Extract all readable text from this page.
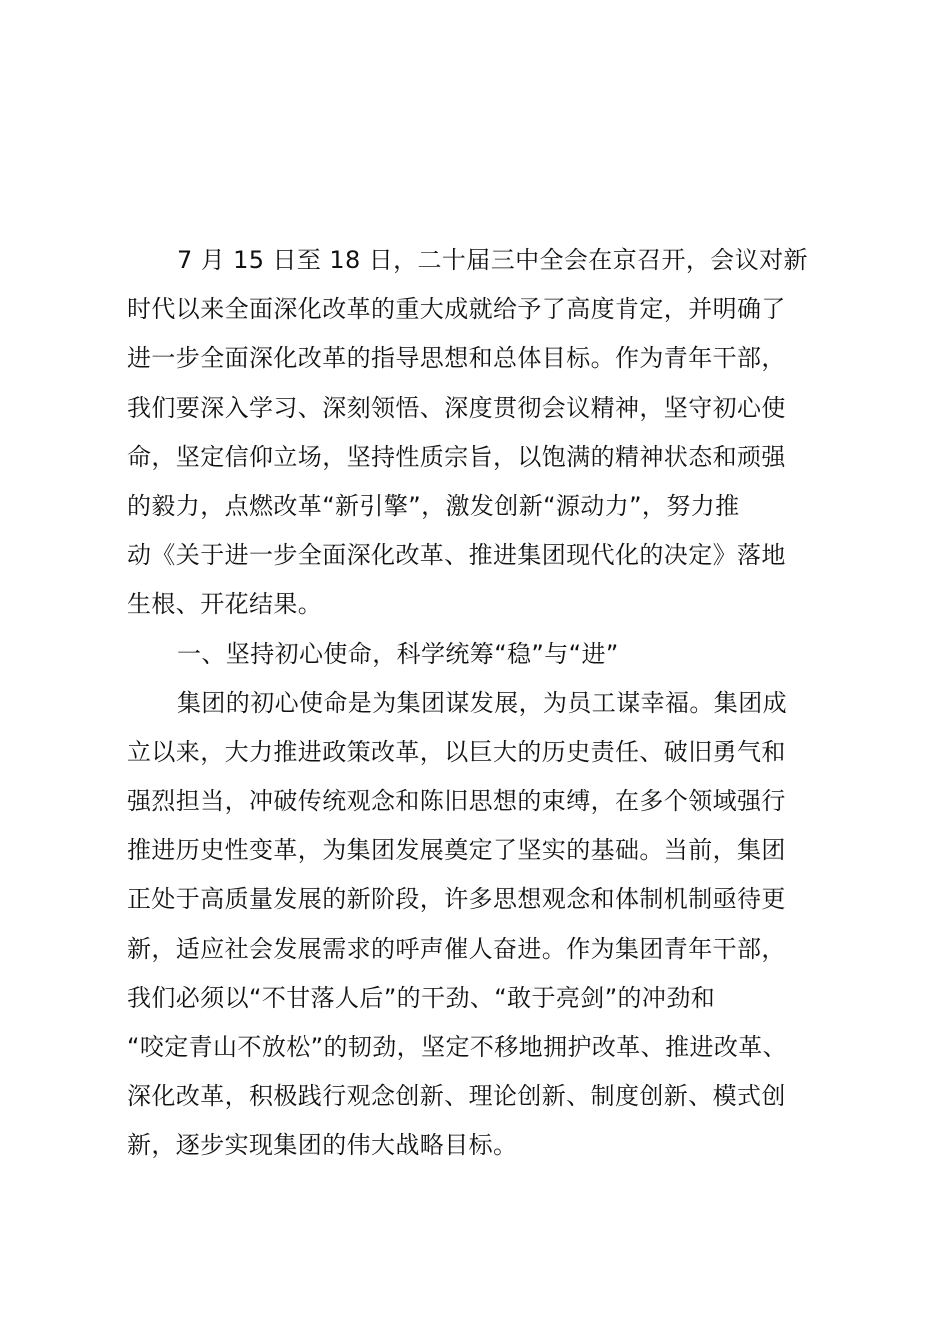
7 月 15 日至 18 日，二十届三中全会在京召开，会议对新
时代以来全面深化改革的重大成就给予了高度肯定，并明确了
进一步全面深化改革的指导思想和总体目标。作为青年干部，
我们要深入学习、深刻领悟、深度贯彻会议精神，坚守初心使
命，坚定信仰立场，坚持性质宗旨，以饱满的精神状态和顽强
的毅力，点燃改革“新引擎”，激发创新“源动力”，努力推
动《关于进一步全面深化改革、推进集团现代化的决定》落地
生根、开花结果。
一、坚持初心使命，科学统筹“稳”与“进”
集团的初心使命是为集团谋发展，为员工谋幸福。集团成
立以来，大力推进政策改革，以巨大的历史责任、破旧勇气和
强烈担当，冲破传统观念和陈旧思想的束缚，在多个领域强行
推进历史性变革，为集团发展奠定了坚实的基础。当前，集团
正处于高质量发展的新阶段，许多思想观念和体制机制亟待更
新，适应社会发展需求的呼声催人奋进。作为集团青年干部，
我们必须以“不甘落人后”的干劲、“敢于亮剑”的冲劲和
“咬定青山不放松”的韧劲，坚定不移地拥护改革、推进改革、
深化改革，积极践行观念创新、理论创新、制度创新、模式创
新，逐步实现集团的伟大战略目标。
